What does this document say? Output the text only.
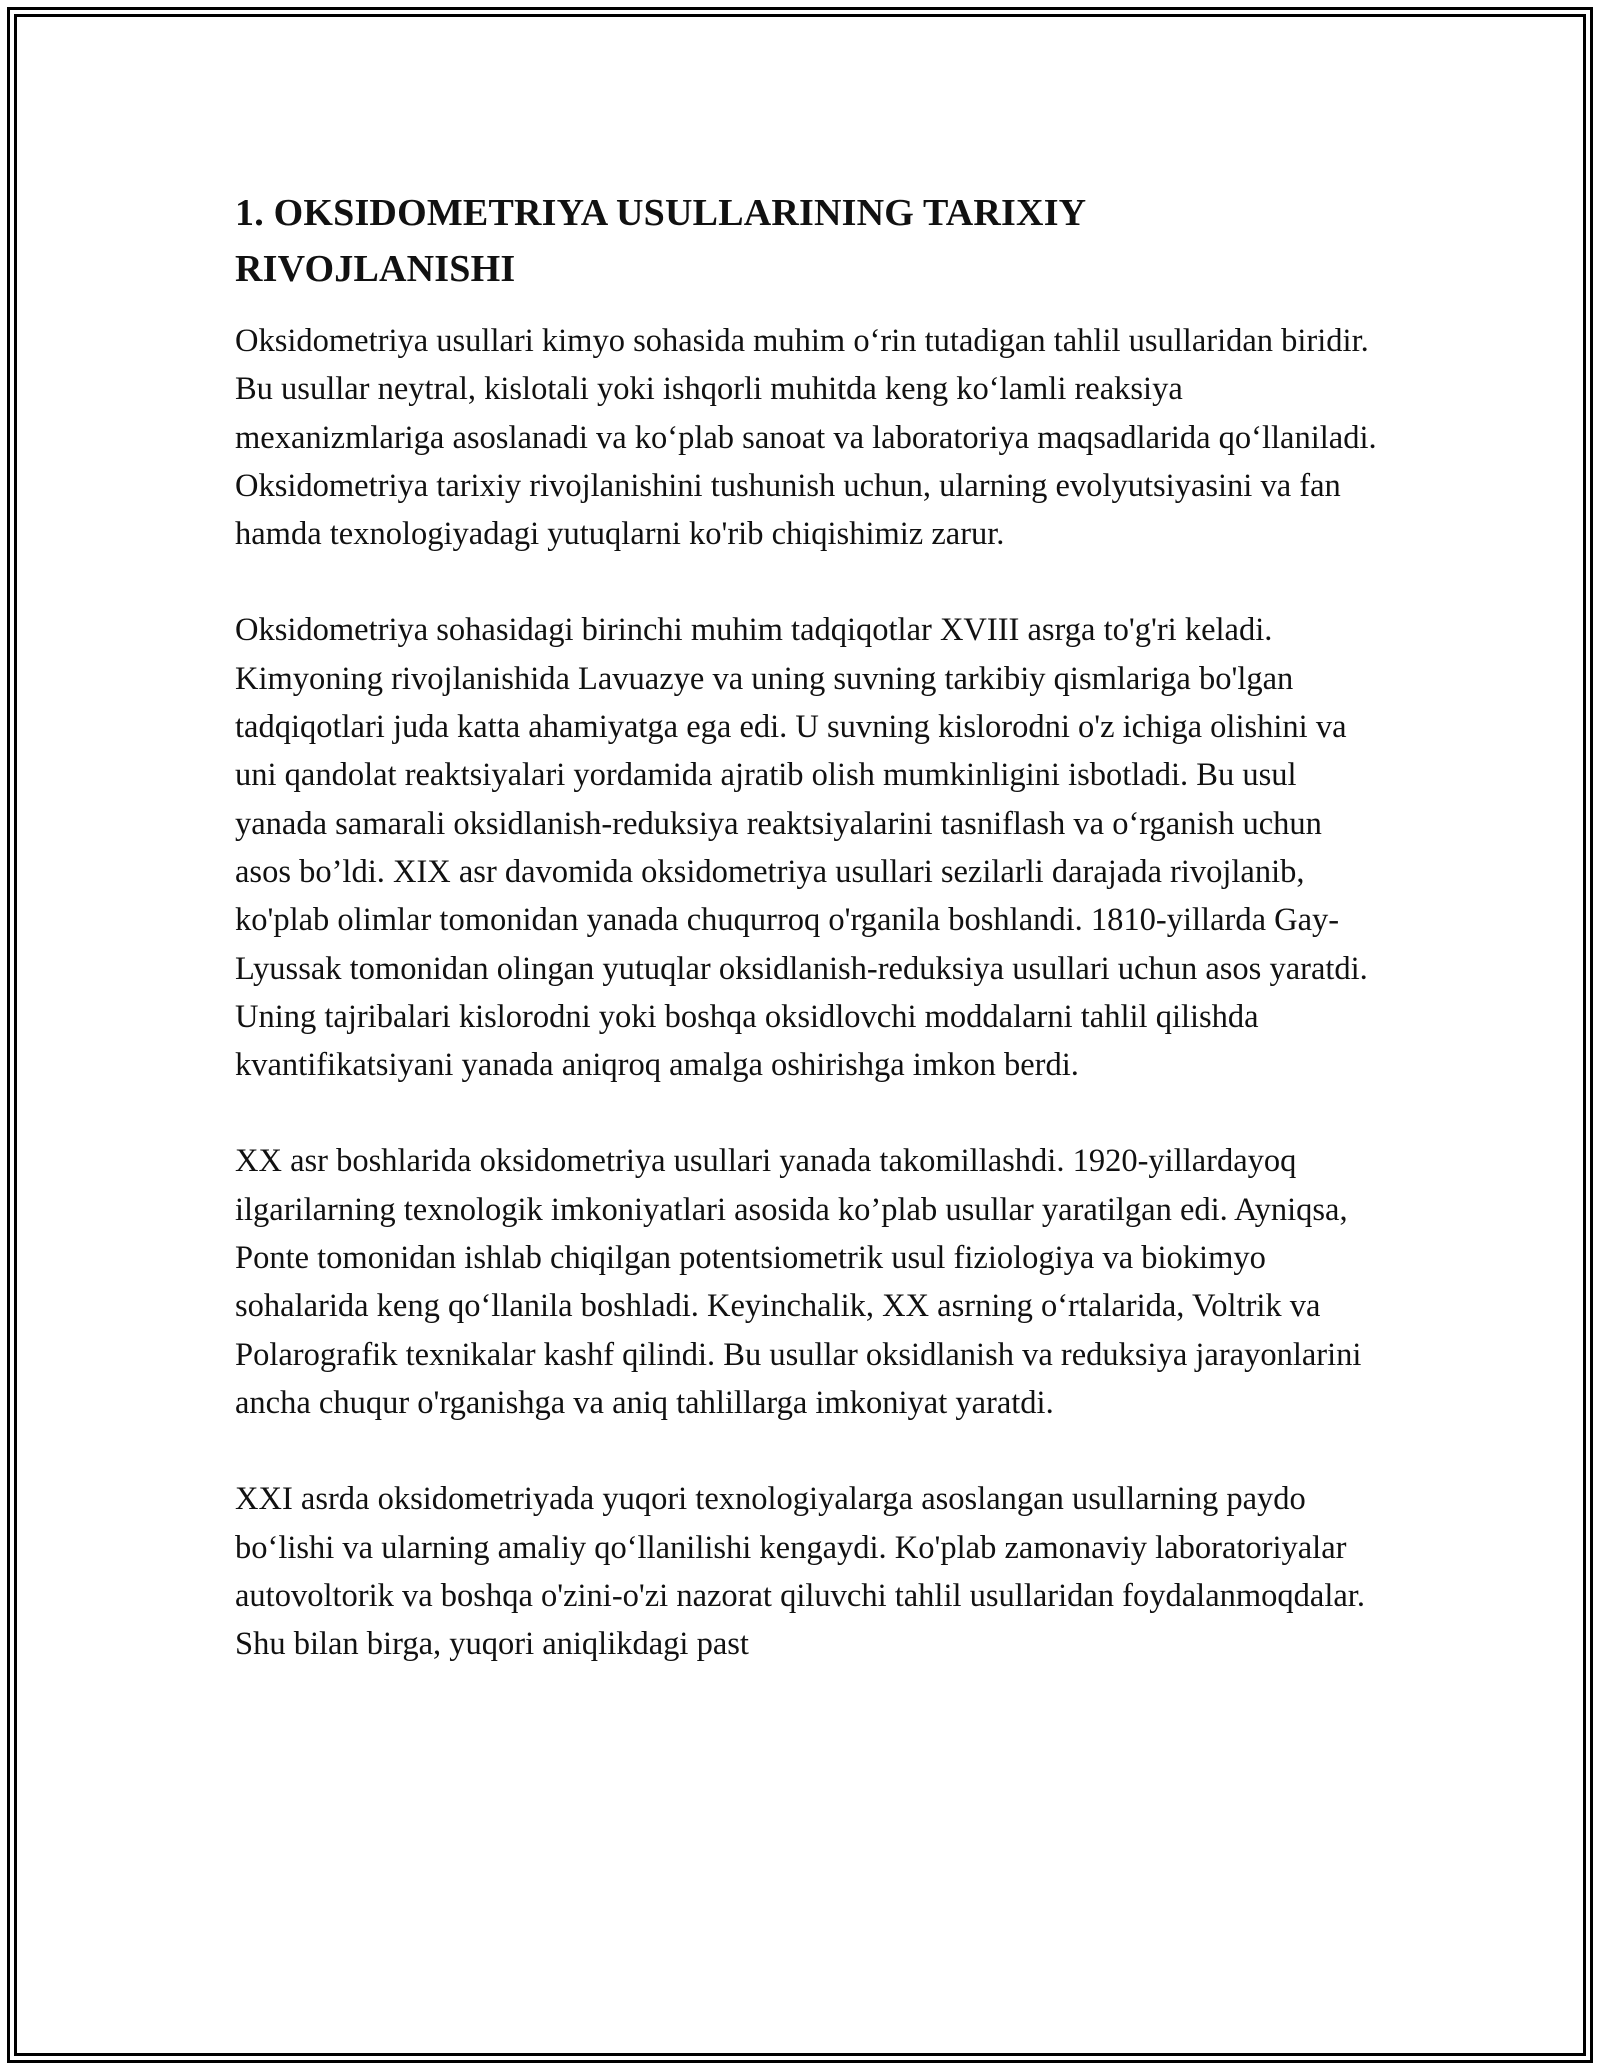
1. OKSIDOMETRIYA USULLARINING TARIXIY
RIVOJLANISHI

Oksidometriya usullari kimyo sohasida muhim o‘rin tutadigan tahlil usullaridan biridir. Bu usullar neytral, kislotali yoki ishqorli muhitda keng ko‘lamli reaksiya mexanizmlariga asoslanadi va ko‘plab sanoat va laboratoriya maqsadlarida qo‘llaniladi. Oksidometriya tarixiy rivojlanishini tushunish uchun, ularning evolyutsiyasini va fan hamda texnologiyadagi yutuqlarni ko'rib chiqishimiz zarur.

Oksidometriya sohasidagi birinchi muhim tadqiqotlar XVIII asrga to'g'ri keladi. Kimyoning rivojlanishida Lavuazye va uning suvning tarkibiy qismlariga bo'lgan tadqiqotlari juda katta ahamiyatga ega edi. U suvning kislorodni o'z ichiga olishini va uni qandolat reaktsiyalari yordamida ajratib olish mumkinligini isbotladi. Bu usul yanada samarali oksidlanish-reduksiya reaktsiyalarini tasniflash va o‘rganish uchun asos bo’ldi. XIX asr davomida oksidometriya usullari sezilarli darajada rivojlanib, ko'plab olimlar tomonidan yanada chuqurroq o'rganila boshlandi. 1810-yillarda Gay-Lyussak tomonidan olingan yutuqlar oksidlanish-reduksiya usullari uchun asos yaratdi. Uning tajribalari kislorodni yoki boshqa oksidlovchi moddalarni tahlil qilishda kvantifikatsiyani yanada aniqroq amalga oshirishga imkon berdi.

XX asr boshlarida oksidometriya usullari yanada takomillashdi. 1920-yillardayoq ilgarilarning texnologik imkoniyatlari asosida ko’plab usullar yaratilgan edi. Ayniqsa, Ponte tomonidan ishlab chiqilgan potentsiometrik usul fiziologiya va biokimyo sohalarida keng qo‘llanila boshladi. Keyinchalik, XX asrning o‘rtalarida, Voltrik va Polarografik texnikalar kashf qilindi. Bu usullar oksidlanish va reduksiya jarayonlarini ancha chuqur o'rganishga va aniq tahlillarga imkoniyat yaratdi.

XXI asrda oksidometriyada yuqori texnologiyalarga asoslangan usullarning paydo bo‘lishi va ularning amaliy qo‘llanilishi kengaydi. Ko'plab zamonaviy laboratoriyalar autovoltorik va boshqa o'zini-o'zi nazorat qiluvchi tahlil usullaridan foydalanmoqdalar. Shu bilan birga, yuqori aniqlikdagi past
